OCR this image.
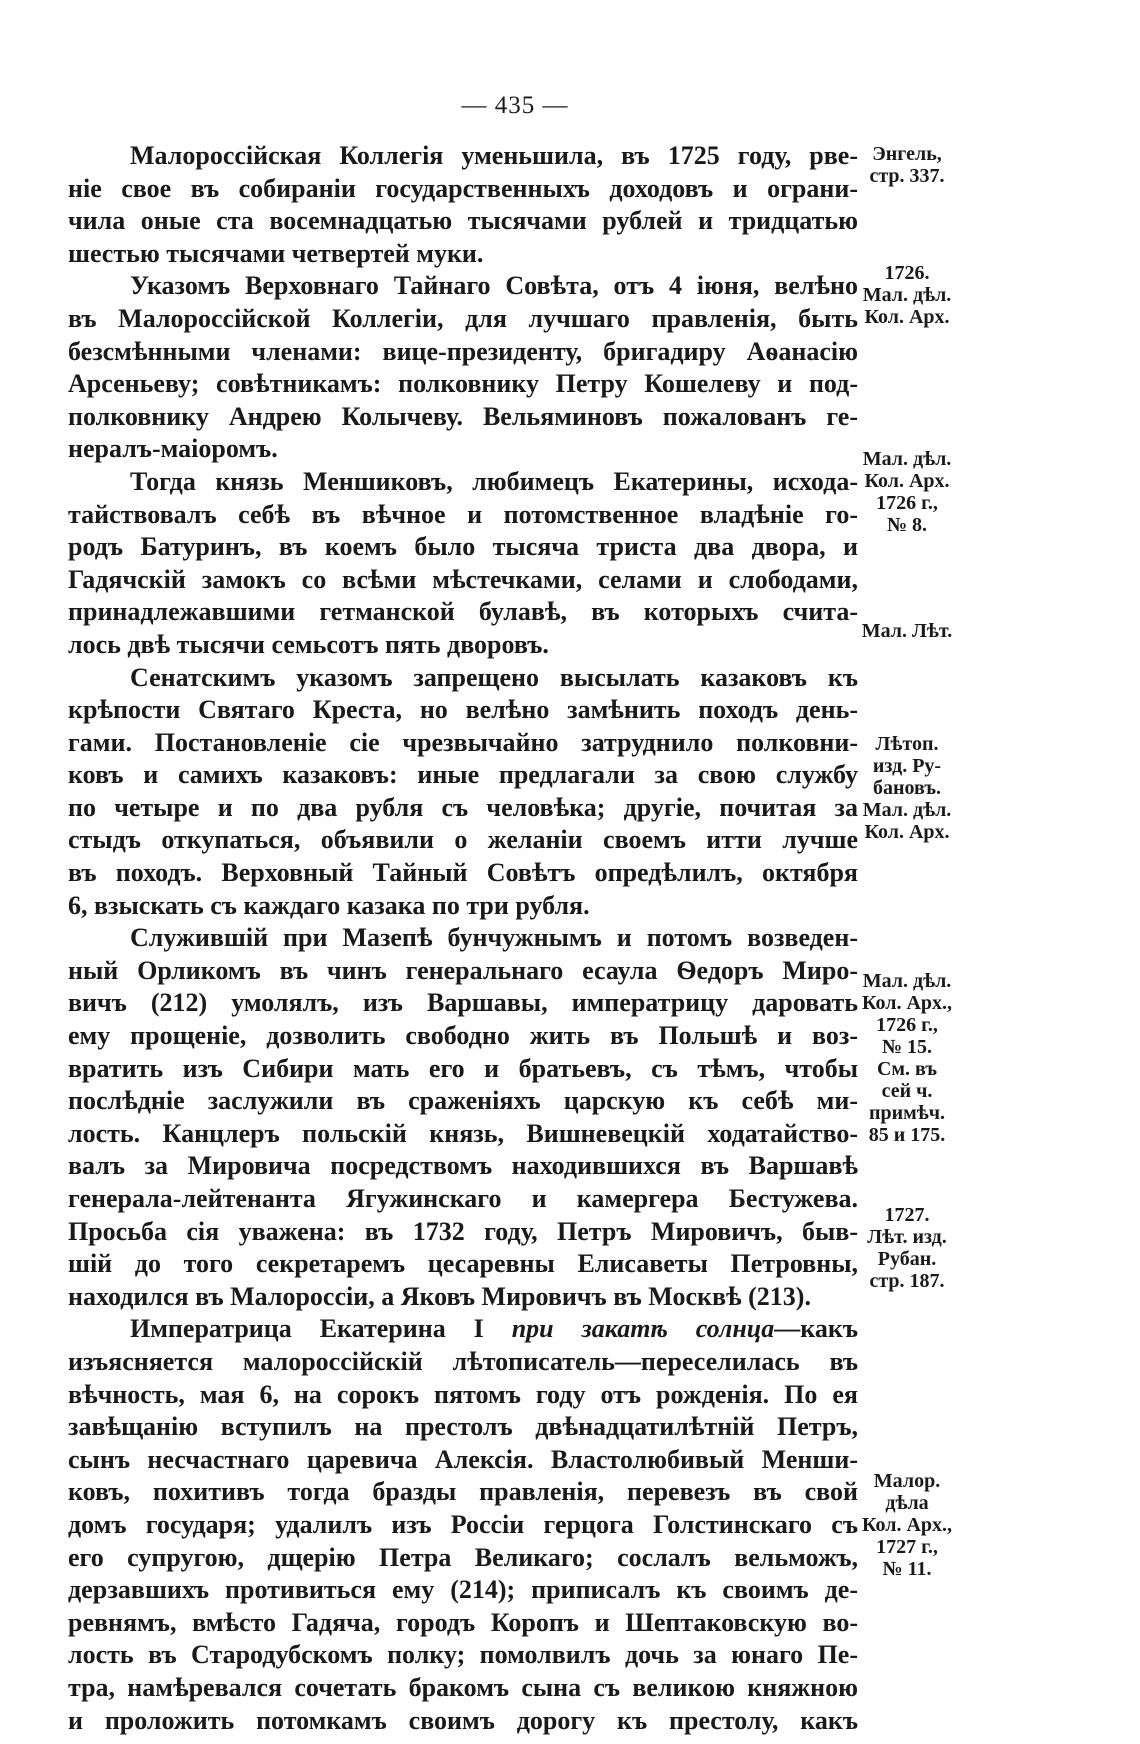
— 435 —
Малороссійская Коллегія уменьшила, въ 1725 году, рве-
ніе свое въ собираніи государственныхъ доходовъ и ограни-
чила оные ста восемнадцатью тысячами рублей и тридцатью
шестью тысячами четвертей муки.
Указомъ Верховнаго Тайнаго Совѣта, отъ 4 іюня, велѣно
въ Малороссійской Коллегіи, для лучшаго правленія, быть
безсмѣнными членами: вице-президенту, бригадиру Аѳанасію
Арсеньеву; совѣтникамъ: полковнику Петру Кошелеву и под-
полковнику Андрею Колычеву. Вельяминовъ пожалованъ ге-
нералъ-маіоромъ.
Тогда князь Меншиковъ, любимецъ Екатерины, исхода-
тайствовалъ себѣ въ вѣчное и потомственное владѣніе го-
родъ Батуринъ, въ коемъ было тысяча триста два двора, и
Гадячскій замокъ со всѣми мѣстечками, селами и слободами,
принадлежавшими гетманской булавѣ, въ которыхъ счита-
лось двѣ тысячи семьсотъ пять дворовъ.
Сенатскимъ указомъ запрещено высылать казаковъ къ
крѣпости Святаго Креста, но велѣно замѣнить походъ день-
гами. Постановленіе сіе чрезвычайно затруднило полковни-
ковъ и самихъ казаковъ: иные предлагали за свою службу
по четыре и по два рубля съ человѣка; другіе, почитая за
стыдъ откупаться, объявили о желаніи своемъ итти лучше
въ походъ. Верховный Тайный Совѣтъ опредѣлилъ, октября
6, взыскать съ каждаго казака по три рубля.
Служившій при Мазепѣ бунчужнымъ и потомъ возведен-
ный Орликомъ въ чинъ генеральнаго есаула Ѳедоръ Миро-
вичъ (212) умолялъ, изъ Варшавы, императрицу даровать
ему прощеніе, дозволить свободно жить въ Польшѣ и воз-
вратить изъ Сибири мать его и братьевъ, съ тѣмъ, чтобы
послѣдніе заслужили въ сраженіяхъ царскую къ себѣ ми-
лость. Канцлеръ польскій князь, Вишневецкій ходатайство-
валъ за Мировича посредствомъ находившихся въ Варшавѣ
генерала-лейтенанта Ягужинскаго и камергера Бестужева.
Просьба сія уважена: въ 1732 году, Петръ Мировичъ, быв-
шій до того секретаремъ цесаревны Елисаветы Петровны,
находился въ Малороссіи, а Яковъ Мировичъ въ Москвѣ (213).
Императрица Екатерина I при закатѣ солнца—какъ
изъясняется малороссійскій лѣтописатель—переселилась въ
вѣчность, мая 6, на сорокъ пятомъ году отъ рожденія. По ея
завѣщанію вступилъ на престолъ двѣнадцатилѣтній Петръ,
сынъ несчастнаго царевича Алексія. Властолюбивый Менши-
ковъ, похитивъ тогда бразды правленія, перевезъ въ свой
домъ государя; удалилъ изъ Россіи герцога Голстинскаго съ
его супругою, дщерію Петра Великаго; сослалъ вельможъ,
дерзавшихъ противиться ему (214); приписалъ къ своимъ де-
ревнямъ, вмѣсто Гадяча, городъ Коропъ и Шептаковскую во-
лость въ Стародубскомъ полку; помолвилъ дочь за юнаго Пе-
тра, намѣревался сочетать бракомъ сына съ великою княжною
и проложить потомкамъ своимъ дорогу къ престолу, какъ
Энгель,
стр. 337.
1726.
Мал. дѣл.
Кол. Арх.
Мал. дѣл.
Кол. Арх.
1726 г.,
№ 8.
Мал. Лѣт.
Лѣтоп.
изд. Ру-
бановъ.
Мал. дѣл.
Кол. Арх.
Мал. дѣл.
Кол. Арх.,
1726 г.,
№ 15.
См. въ
сей ч.
примѣч.
85 и 175.
1727.
Лѣт. изд.
Рубан.
стр. 187.
Малор.
дѣла
Кол. Арх.,
1727 г.,
№ 11.
